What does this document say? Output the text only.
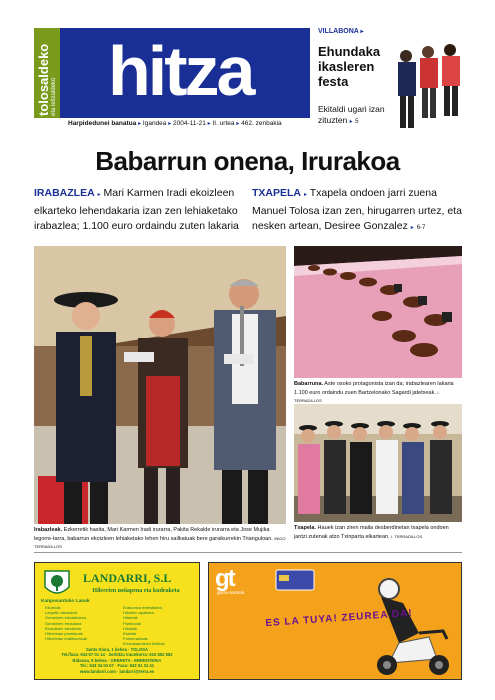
tolosaldeko eta leitzaldeko hitza
Harpidedunei banatua ▸ Igandea ▸ 2004-11-21 ▸ II. urtea ▸ 462. zenbakia
VILLABONA ▸
Ehundaka ikasleren festa
Ekitaldi ugari izan zituzten ▸ 5
Babarrun onena, Irurakoa

IRABAZLEA ▸ Mari Karmen Iradi ekoizleen elkarteko lehendakaria izan zen lehiaketako irabazlea; 1.100 euro ordaindu zuten lakaria

TXAPELA ▸ Txapela ondoen jarri zuena Manuel Tolosa izan zen, hirugarren urtez, eta nesken artean, Desiree Gonzalez ▸ 6-7

Irabazleak. Ezkerretik hasita, Mari Karmen Iradi irurarra, Pakita Rekalde irurarra eta Jose Mujika legorre-tarra, babarrun ekoizleen lehiaketako lehen hiru sailkatuak bere garaikurrekin Trianguloan. INIGO TERRADILLOS
Babarruna. Aste osoko protagonista izan da; irabazlearen lakaria 1.100 euro ordaindu zuen Bartzelonako Sagardi jatetxeak. I. TERRADILLOS
Txapela. Hauek izan ziren maila desberdinetan txapela ondoen jantzi zutenak atzo Txinparta elkartean. I. TERRADILLOS
LANDARRI, S.L
Hilerrien ustiapena eta kudeaketa
Kanposantuko Lanak
Eliorrkak
Larpetik ateratzea
Gerakinen inkutatideza
Gerakinen errautsea
Errautsien ateraketa
Hilerrietan proiektuak
Hilerrietan erakikuntzak
Erakuntza erbestitzea
Hilobien apaiketa
Hilarriak
Panteoiak
Hilobiak
Estelak
Fotoerrautsak
Errautsaontzien tintikak
Santa Klara, 1 behea · TOLOSA
Tel./faxa: 943 67 01 14 · Zerbitzu iraunkorra: 610 552 552
Bidasoa, 9 behea · ORERETA - ERRENTERIA
Tel.: 943 34 04 67 · Faxa: 943 51 31 41
www.landarri.com · landarri@terra.es
gt
gazte-txartela
ES LA TUYA! ZEUREA DA!
